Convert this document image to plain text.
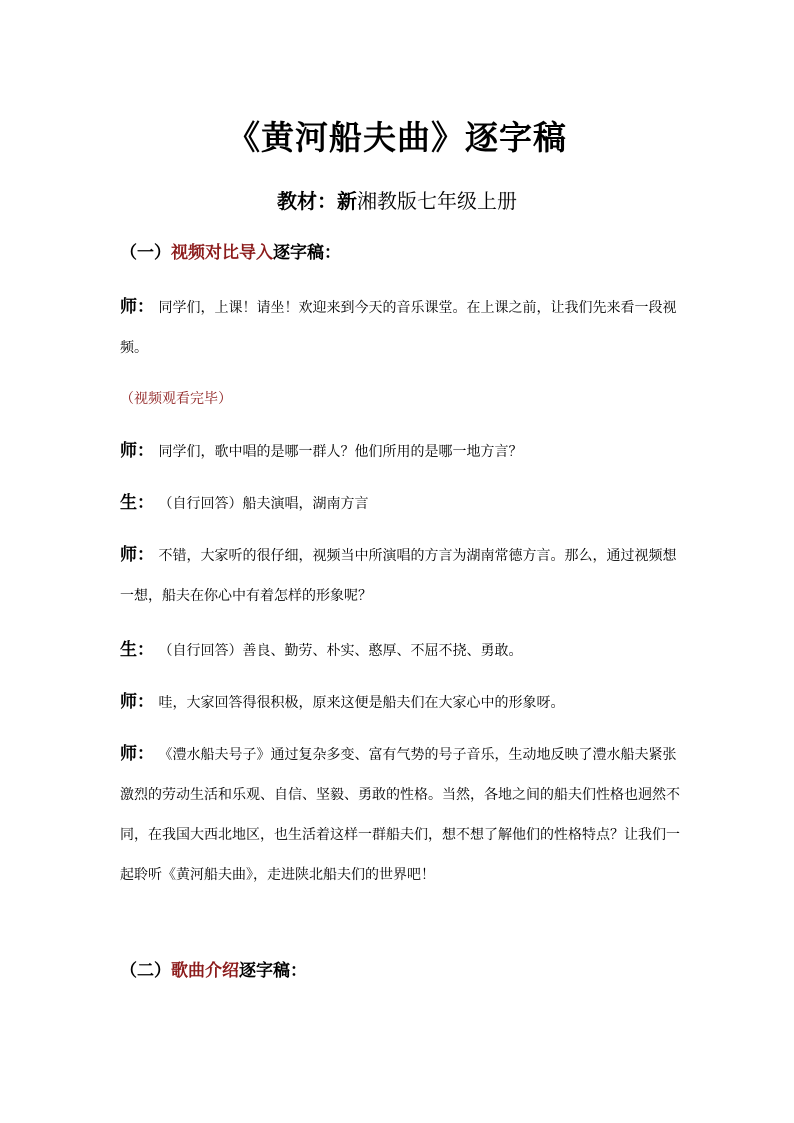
《黄河船夫曲》逐字稿
教材：新湘教版七年级上册
（一）视频对比导入逐字稿：

师： 同学们，上课！请坐！欢迎来到今天的音乐课堂。在上课之前，让我们先来看一段视频。

（视频观看完毕）

师： 同学们，歌中唱的是哪一群人？他们所用的是哪一地方言？

生： （自行回答）船夫演唱，湖南方言

师： 不错，大家听的很仔细，视频当中所演唱的方言为湖南常德方言。那么，通过视频想一想，船夫在你心中有着怎样的形象呢？

生： （自行回答）善良、勤劳、朴实、憨厚、不屈不挠、勇敢。

师： 哇，大家回答得很积极，原来这便是船夫们在大家心中的形象呀。

师： 《澧水船夫号子》通过复杂多变、富有气势的号子音乐，生动地反映了澧水船夫紧张激烈的劳动生活和乐观、自信、坚毅、勇敢的性格。当然，各地之间的船夫们性格也迥然不同，在我国大西北地区，也生活着这样一群船夫们，想不想了解他们的性格特点？让我们一起聆听《黄河船夫曲》，走进陕北船夫们的世界吧！

（二）歌曲介绍逐字稿：
